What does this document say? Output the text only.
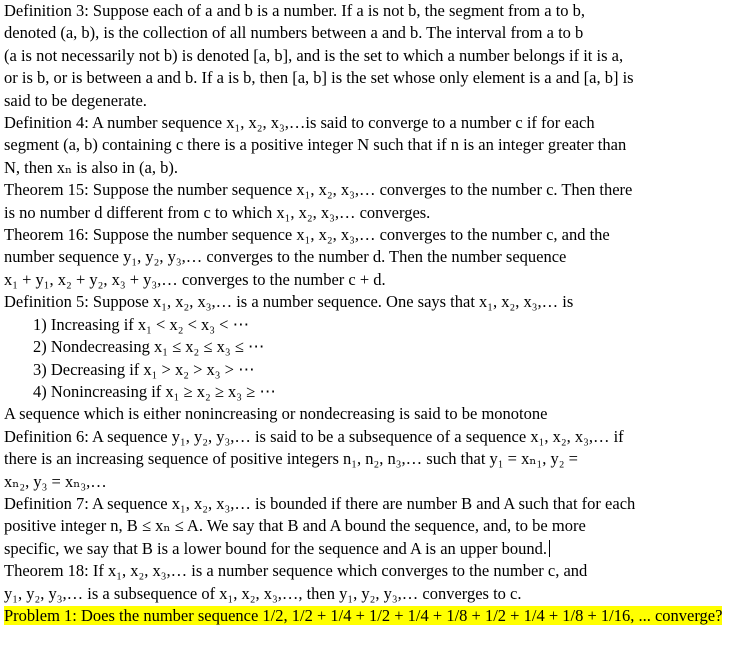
Definition 3: Suppose each of a and b is a number. If a is not b, the segment from a to b,
denoted (a, b), is the collection of all numbers between a and b. The interval from a to b
(a is not necessarily not b) is denoted [a, b], and is the set to which a number belongs if it is a,
or is b, or is between a and b. If a is b, then [a, b] is the set whose only element is a and [a, b] is
said to be degenerate.
Definition 4: A number sequence x₁, x₂, x₃,…is said to converge to a number c if for each
segment (a, b) containing c there is a positive integer N such that if n is an integer greater than
N, then xₙ is also in (a, b).
Theorem 15: Suppose the number sequence x₁, x₂, x₃,… converges to the number c. Then there
is no number d different from c to which x₁, x₂, x₃,… converges.
Theorem 16: Suppose the number sequence x₁, x₂, x₃,… converges to the number c, and the
number sequence y₁, y₂, y₃,… converges to the number d. Then the number sequence
x₁ + y₁, x₂ + y₂, x₃ + y₃,… converges to the number c + d.
Definition 5: Suppose x₁, x₂, x₃,… is a number sequence. One says that x₁, x₂, x₃,… is
1) Increasing if x₁ < x₂ < x₃ < ⋯
2) Nondecreasing x₁ ≤ x₂ ≤ x₃ ≤ ⋯
3) Decreasing if x₁ > x₂ > x₃ > ⋯
4) Nonincreasing if x₁ ≥ x₂ ≥ x₃ ≥ ⋯
A sequence which is either nonincreasing or nondecreasing is said to be monotone
Definition 6: A sequence y₁, y₂, y₃,… is said to be a subsequence of a sequence x₁, x₂, x₃,… if
there is an increasing sequence of positive integers n₁, n₂, n₃,… such that y₁ = xₙ₁, y₂ =
xₙ₂, y₃ = xₙ₃,…
Definition 7: A sequence x₁, x₂, x₃,… is bounded if there are number B and A such that for each
positive integer n, B ≤ xₙ ≤ A. We say that B and A bound the sequence, and, to be more
specific, we say that B is a lower bound for the sequence and A is an upper bound.
Theorem 18: If x₁, x₂, x₃,… is a number sequence which converges to the number c, and
y₁, y₂, y₃,… is a subsequence of x₁, x₂, x₃,…, then y₁, y₂, y₃,… converges to c.
Problem 1: Does the number sequence 1/2, 1/2 + 1/4 + 1/2 + 1/4 + 1/8 + 1/2 + 1/4 + 1/8 + 1/16, ... converge?
